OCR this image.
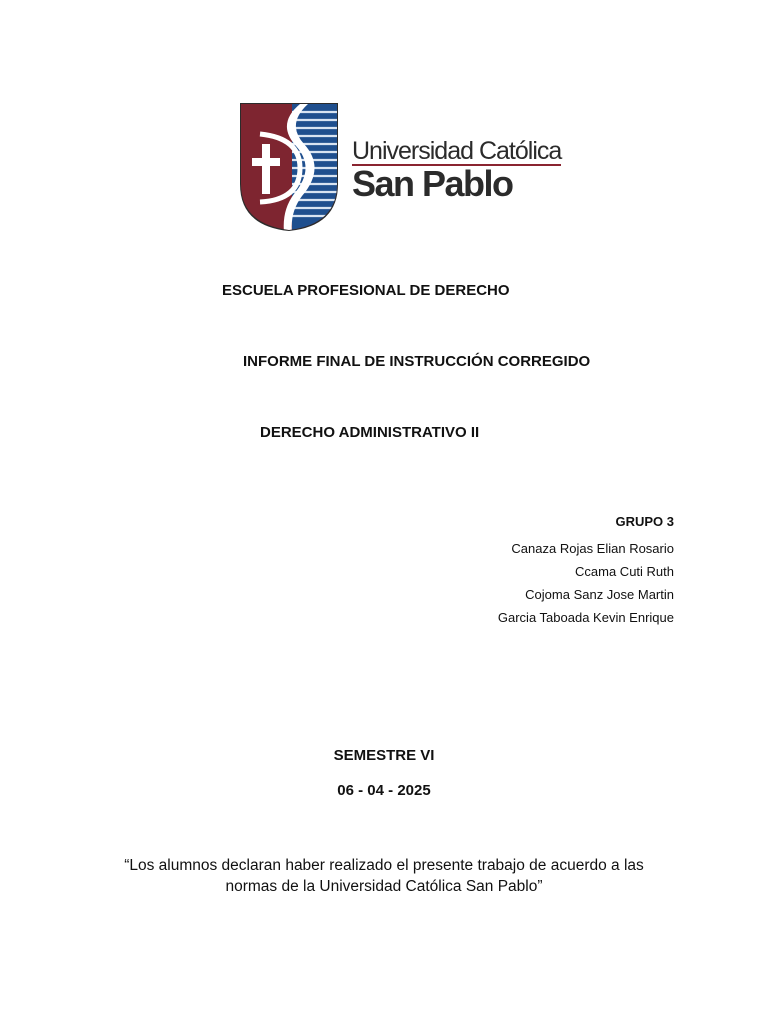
Universidad Católica
San Pablo
ESCUELA PROFESIONAL DE DERECHO
INFORME FINAL DE INSTRUCCIÓN CORREGIDO
DERECHO ADMINISTRATIVO II
GRUPO 3
Canaza Rojas Elian Rosario
Ccama Cuti Ruth
Cojoma Sanz Jose Martin
Garcia Taboada Kevin Enrique
SEMESTRE VI
06 - 04 - 2025
“Los alumnos declaran haber realizado el presente trabajo de acuerdo a las
normas de la Universidad Católica San Pablo”
